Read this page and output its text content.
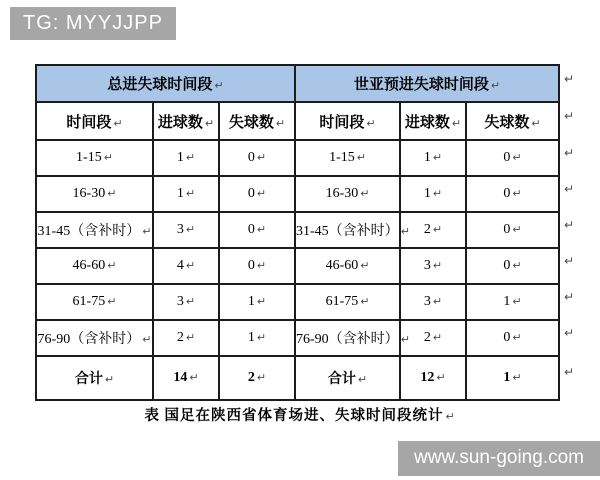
TG: MYYJJPP
总进失球时间段 ↵			世亚预进失球时间段 ↵		
时间段 ↵	进球数 ↵	失球数 ↵	时间段 ↵	进球数 ↵	失球数 ↵
1-15 ↵	1 ↵	0 ↵	1-15 ↵	1 ↵	0 ↵
16-30 ↵	1 ↵	0 ↵	16-30 ↵	1 ↵	0 ↵
31-45（含补时） ↵	3 ↵	0 ↵	31-45（含补时） ↵	2 ↵	0 ↵
46-60 ↵	4 ↵	0 ↵	46-60 ↵	3 ↵	0 ↵
61-75 ↵	3 ↵	1 ↵	61-75 ↵	3 ↵	1 ↵
76-90（含补时） ↵	2 ↵	1 ↵	76-90（含补时） ↵	2 ↵	0 ↵
合计 ↵	14 ↵	2 ↵	合计 ↵	12 ↵	1 ↵
↵
↵
↵
↵
↵
↵
↵
↵
↵
表 国足在陕西省体育场进、失球时间段统计 ↵
www.sun-going.com
